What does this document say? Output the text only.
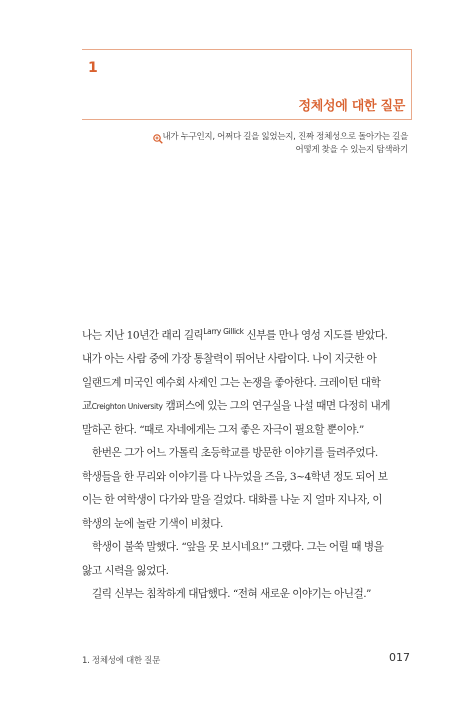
1
정체성에 대한 질문
내가 누구인지, 어쩌다 길을 잃었는지, 진짜 정체성으로 돌아가는 길을
어떻게 찾을 수 있는지 탐색하기

나는 지난 10년간 래리 길릭$^{Larry Gillick}$ 신부를 만나 영성 지도를 받았다.
내가 아는 사람 중에 가장 통찰력이 뛰어난 사람이다. 나이 지긋한 아
일랜드계 미국인 예수회 사제인 그는 논쟁을 좋아한다. 크레이턴 대학
교Creighton University 캠퍼스에 있는 그의 연구실을 나설 때면 다정히 내게
말하곤 한다. “때로 자네에게는 그저 좋은 자극이 필요할 뿐이야.”

한번은 그가 어느 가톨릭 초등학교를 방문한 이야기를 들려주었다.
학생들을 한 무리와 이야기를 다 나누었을 즈음, 3~4학년 정도 되어 보
이는 한 여학생이 다가와 말을 걸었다. 대화를 나눈 지 얼마 지나자, 이
학생의 눈에 놀란 기색이 비쳤다.

학생이 불쑥 말했다. “앞을 못 보시네요!” 그랬다. 그는 어릴 때 병을
앓고 시력을 잃었다.

길릭 신부는 침착하게 대답했다. “전혀 새로운 이야기는 아닌걸.”

1. 정체성에 대한 질문	017
